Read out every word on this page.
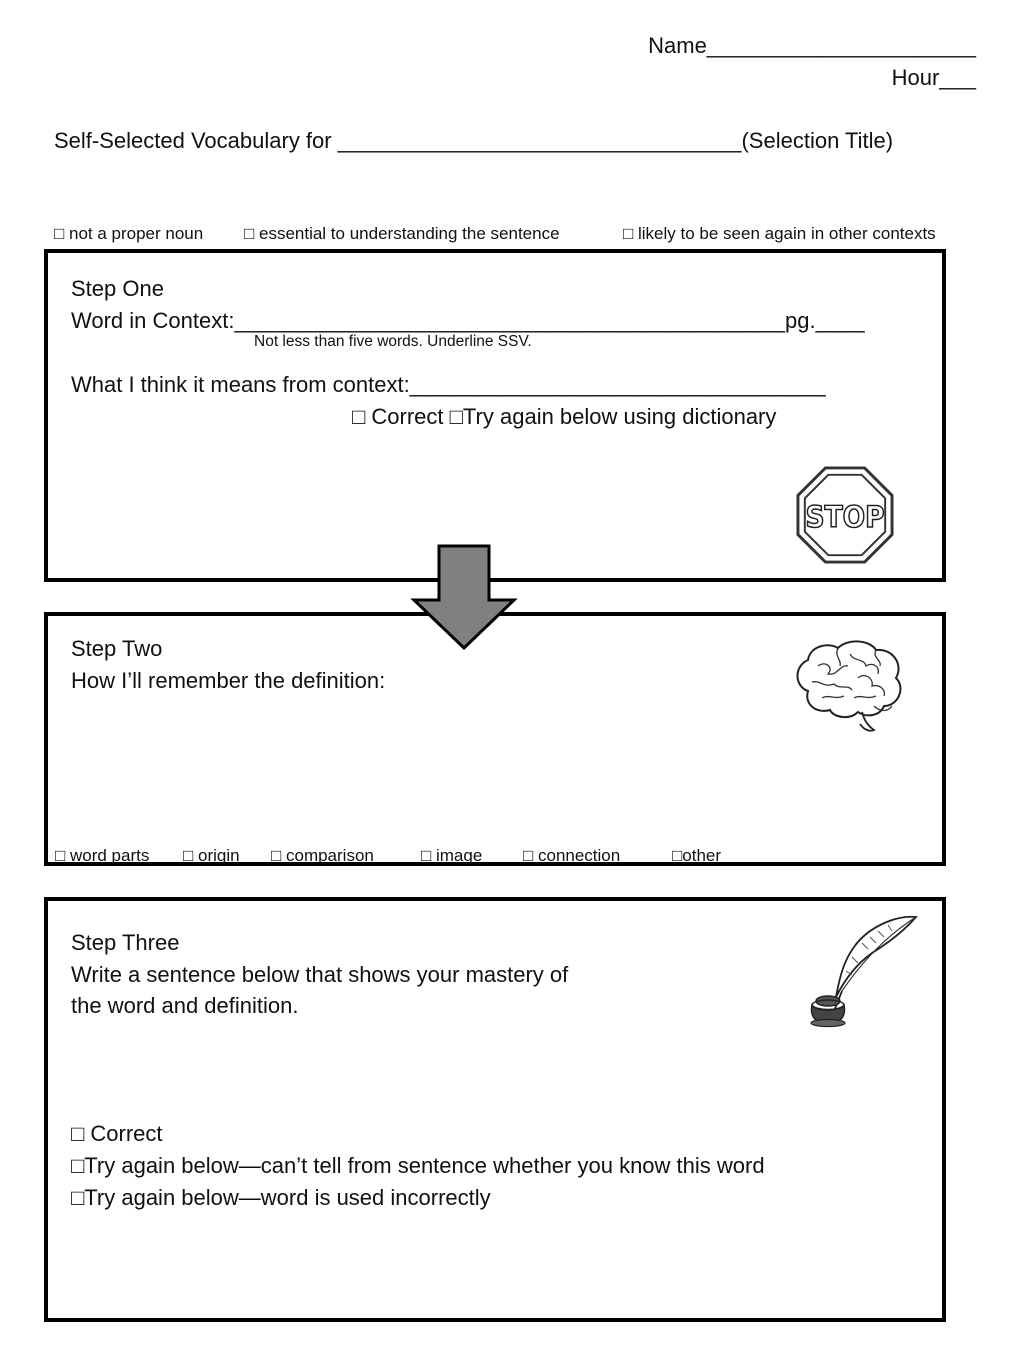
Name______________________
Hour___
Self-Selected Vocabulary for _________________________________(Selection Title)
□ not a proper noun □ essential to understanding the sentence	□ likely to be seen again in other contexts
Step One
Word in Context:_____________________________________________pg.____
Not less than five words. Underline SSV.
What I think it means from context:__________________________________
□ Correct □Try again below using dictionary
STOP
Step Two
How I’ll remember the definition:
□ word parts □ origin □ comparison	□ image □ connection	□other
Step Three
Write a sentence below that shows your mastery of
the word and definition.
□ Correct
□Try again below—can’t tell from sentence whether you know this word
□Try again below—word is used incorrectly
